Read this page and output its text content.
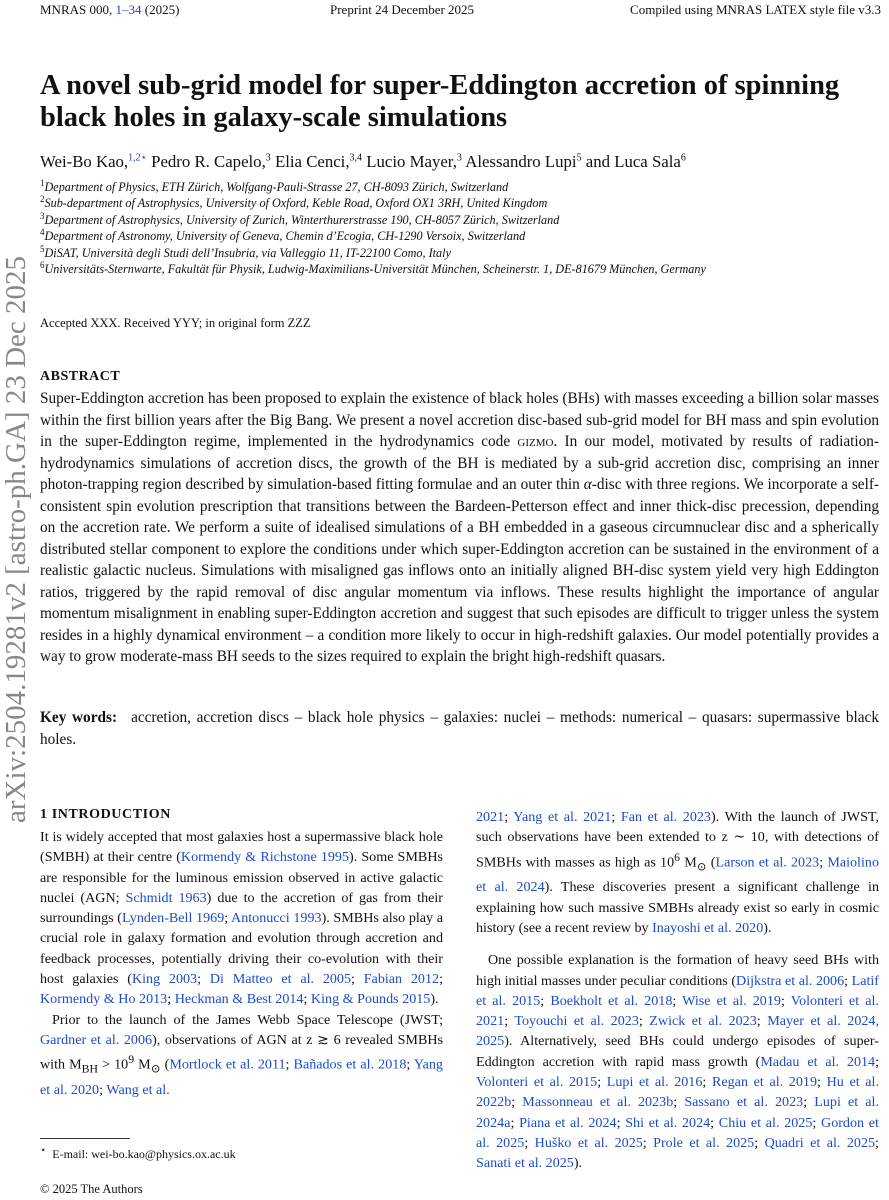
MNRAS 000, 1–34 (2025)	Preprint 24 December 2025	Compiled using MNRAS LATEX style file v3.3
arXiv:2504.19281v2 [astro-ph.GA] 23 Dec 2025
A novel sub-grid model for super-Eddington accretion of spinning black holes in galaxy-scale simulations
Wei-Bo Kao,$^{1,2⋆}$ Pedro R. Capelo,$^3$ Elia Cenci,$^{3,4}$ Lucio Mayer,$^3$ Alessandro Lupi$^5$ and Luca Sala$^6$
$^1$Department of Physics, ETH Zürich, Wolfgang-Pauli-Strasse 27, CH-8093 Zürich, Switzerland
$^2$Sub-department of Astrophysics, University of Oxford, Keble Road, Oxford OX1 3RH, United Kingdom
$^3$Department of Astrophysics, University of Zurich, Winterthurerstrasse 190, CH-8057 Zürich, Switzerland
$^4$Department of Astronomy, University of Geneva, Chemin d’Ecogia, CH-1290 Versoix, Switzerland
$^5$DiSAT, Università degli Studi dell’Insubria, via Valleggio 11, IT-22100 Como, Italy
$^6$Universitäts-Sternwarte, Fakultät für Physik, Ludwig-Maximilians-Universität München, Scheinerstr. 1, DE-81679 München, Germany
Accepted XXX. Received YYY; in original form ZZZ
ABSTRACT
Super-Eddington accretion has been proposed to explain the existence of black holes (BHs) with masses exceeding a billion solar masses within the first billion years after the Big Bang. We present a novel accretion disc-based sub-grid model for BH mass and spin evolution in the super-Eddington regime, implemented in the hydrodynamics code gizmo. In our model, motivated by results of radiation-hydrodynamics simulations of accretion discs, the growth of the BH is mediated by a sub-grid accretion disc, comprising an inner photon-trapping region described by simulation-based fitting formulae and an outer thin α-disc with three regions. We incorporate a self-consistent spin evolution prescription that transitions between the Bardeen-Petterson effect and inner thick-disc precession, depending on the accretion rate. We perform a suite of idealised simulations of a BH embedded in a gaseous circumnuclear disc and a spherically distributed stellar component to explore the conditions under which super-Eddington accretion can be sustained in the environment of a realistic galactic nucleus. Simulations with misaligned gas inflows onto an initially aligned BH-disc system yield very high Eddington ratios, triggered by the rapid removal of disc angular momentum via inflows. These results highlight the importance of angular momentum misalignment in enabling super-Eddington accretion and suggest that such episodes are difficult to trigger unless the system resides in a highly dynamical environment – a condition more likely to occur in high-redshift galaxies. Our model potentially provides a way to grow moderate-mass BH seeds to the sizes required to explain the bright high-redshift quasars.
Key words: accretion, accretion discs – black hole physics – galaxies: nuclei – methods: numerical – quasars: supermassive black holes.
1 INTRODUCTION

It is widely accepted that most galaxies host a supermassive black hole (SMBH) at their centre (Kormendy & Richstone 1995). Some SMBHs are responsible for the luminous emission observed in active galactic nuclei (AGN; Schmidt 1963) due to the accretion of gas from their surroundings (Lynden-Bell 1969; Antonucci 1993). SMBHs also play a crucial role in galaxy formation and evolution through accretion and feedback processes, potentially driving their co-evolution with their host galaxies (King 2003; Di Matteo et al. 2005; Fabian 2012; Kormendy & Ho 2013; Heckman & Best 2014; King & Pounds 2015).

Prior to the launch of the James Webb Space Telescope (JWST; Gardner et al. 2006), observations of AGN at z ≳ 6 revealed SMBHs with $M_{BH} > 10^9$ $M_⊙$ (Mortlock et al. 2011; Bañados et al. 2018; Yang et al. 2020; Wang et al.

2021; Yang et al. 2021; Fan et al. 2023). With the launch of JWST, such observations have been extended to z ∼ 10, with detections of SMBHs with masses as high as $10^6$ $M_⊙$ (Larson et al. 2023; Maiolino et al. 2024). These discoveries present a significant challenge in explaining how such massive SMBHs already exist so early in cosmic history (see a recent review by Inayoshi et al. 2020).

One possible explanation is the formation of heavy seed BHs with high initial masses under peculiar conditions (Dijkstra et al. 2006; Latif et al. 2015; Boekholt et al. 2018; Wise et al. 2019; Volonteri et al. 2021; Toyouchi et al. 2023; Zwick et al. 2023; Mayer et al. 2024, 2025). Alternatively, seed BHs could undergo episodes of super-Eddington accretion with rapid mass growth (Madau et al. 2014; Volonteri et al. 2015; Lupi et al. 2016; Regan et al. 2019; Hu et al. 2022b; Massonneau et al. 2023b; Sassano et al. 2023; Lupi et al. 2024a; Piana et al. 2024; Shi et al. 2024; Chiu et al. 2025; Gordon et al. 2025; Huško et al. 2025; Prole et al. 2025; Quadri et al. 2025; Sanati et al. 2025).

⋆ E-mail: wei-bo.kao@physics.ox.ac.uk
© 2025 The Authors
